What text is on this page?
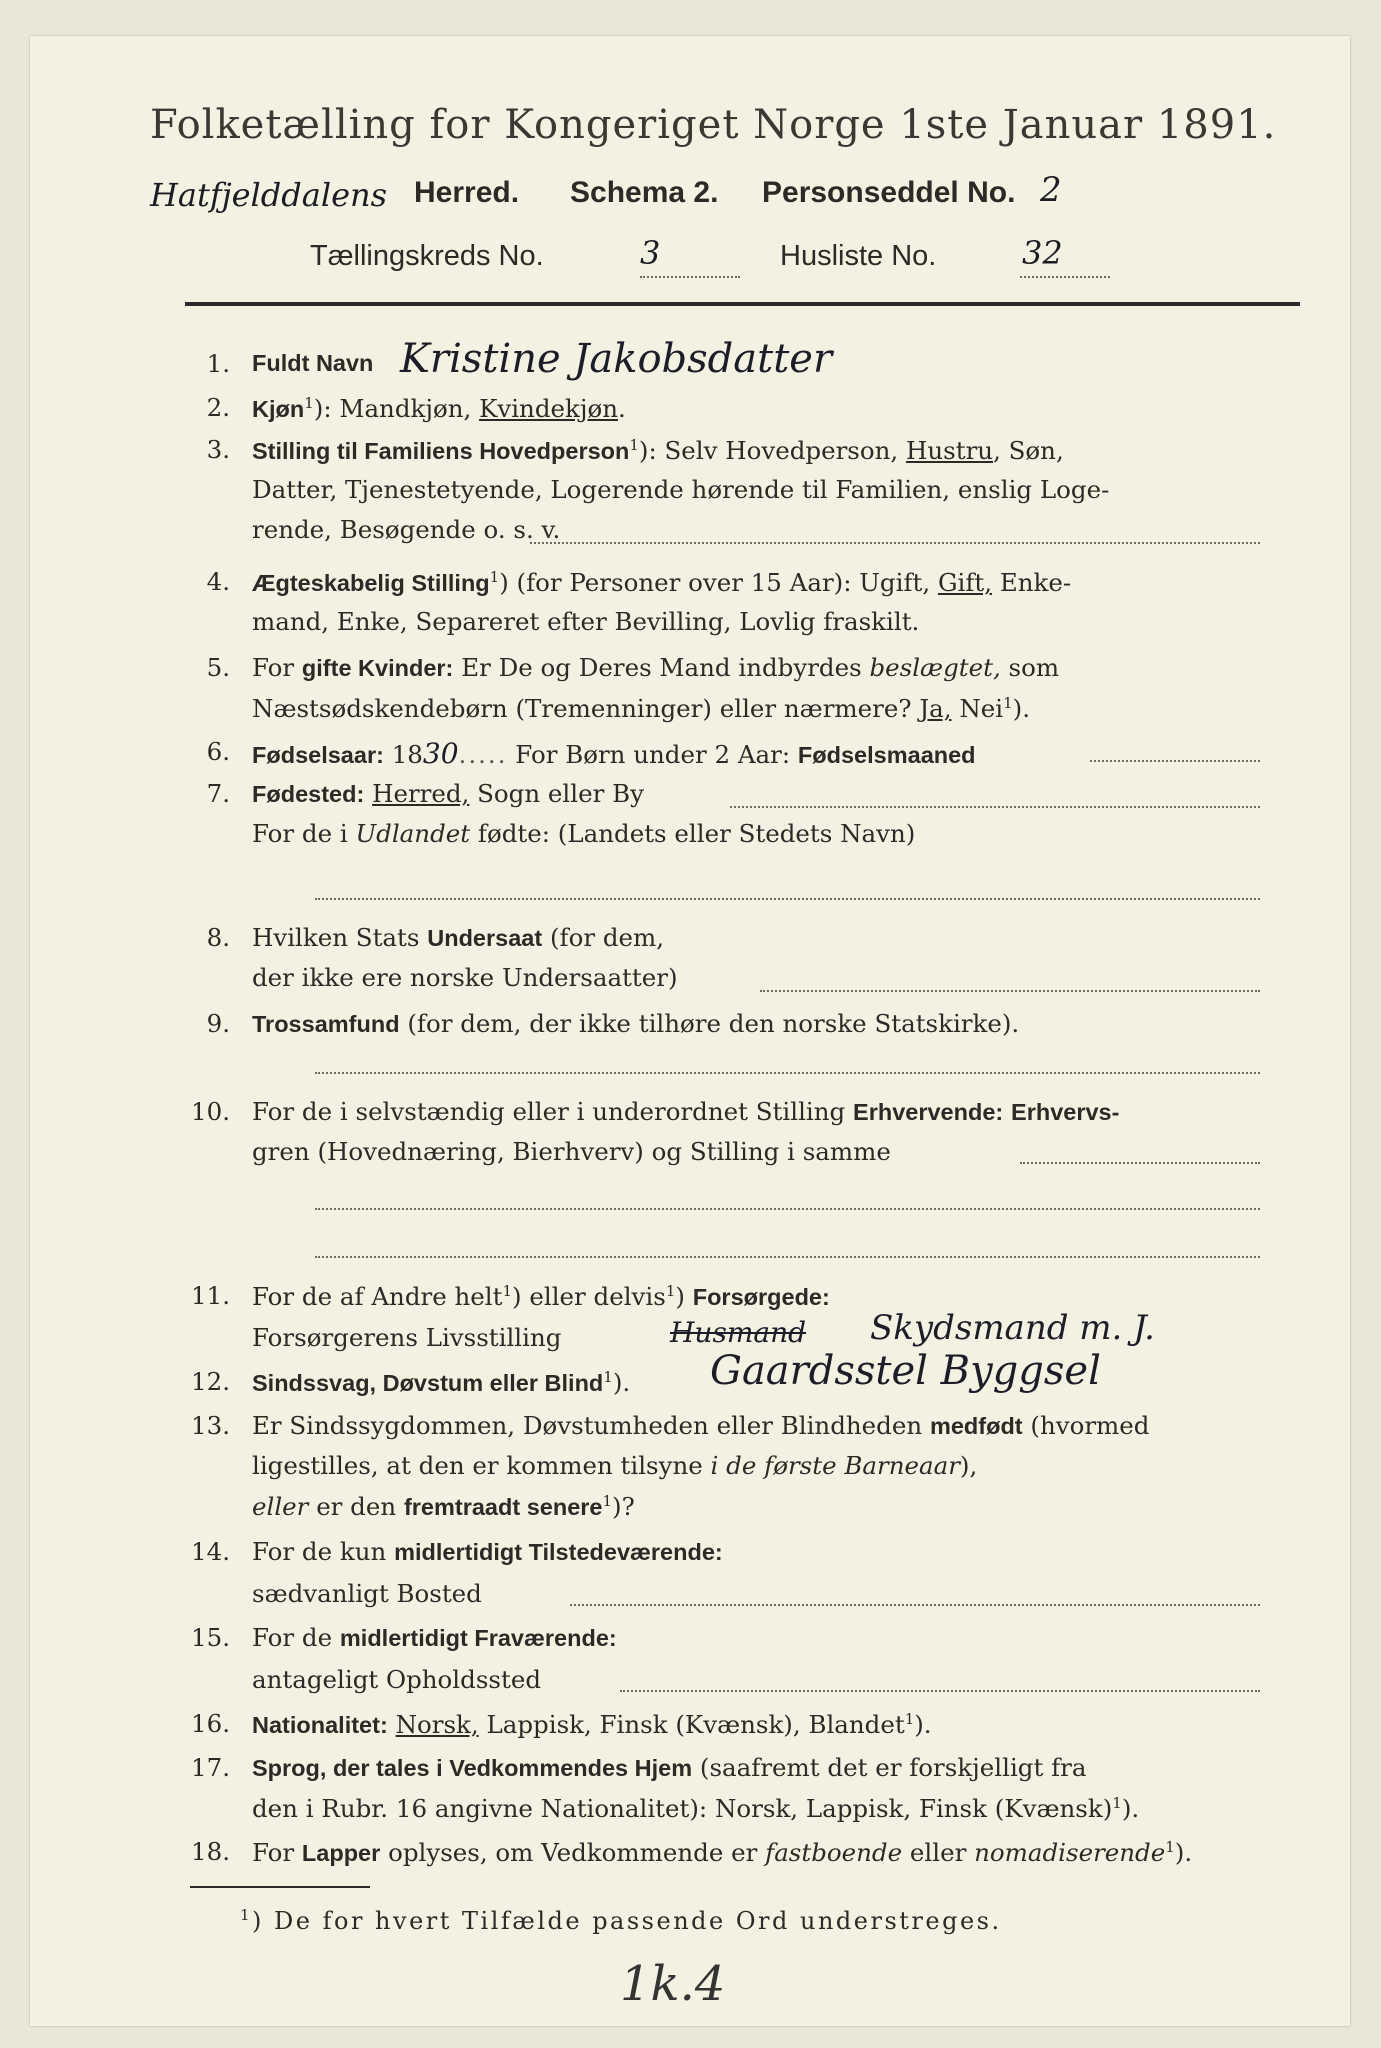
Folketælling for Kongeriget Norge 1ste Januar 1891.
Hatfjelddalens Herred. Schema 2. Personseddel No. 2
Tællingskreds No.	3	Husliste No.	32
1. Fuldt Navn Kristine Jakobsdatter
2. Kjøn$^1$): Mandkjøn, Kvindekjøn.
3. Stilling til Familiens Hovedperson$^1$): Selv Hovedperson, Hustru, Søn,
Datter, Tjenestetyende, Logerende hørende til Familien, enslig Loge-
rende, Besøgende o. s. v.
4. Ægteskabelig Stilling$^1$) (for Personer over 15 Aar): Ugift, Gift, Enke-
mand, Enke, Separeret efter Bevilling, Lovlig fraskilt.
5. For gifte Kvinder: Er De og Deres Mand indbyrdes beslægtet, som
Næstsødskendebørn (Tremenninger) eller nærmere? Ja, Nei$^1$).
6. Fødselsaar: 1830..... For Børn under 2 Aar: Fødselsmaaned
7. Fødested: Herred, Sogn eller By
For de i Udlandet fødte: (Landets eller Stedets Navn)
8. Hvilken Stats Undersaat (for dem,
der ikke ere norske Undersaatter)
9. Trossamfund (for dem, der ikke tilhøre den norske Statskirke).
10. For de i selvstændig eller i underordnet Stilling Erhvervende: Erhvervs-
gren (Hovednæring, Bierhverv) og Stilling i samme
11. For de af Andre helt$^1$) eller delvis$^1$) Forsørgede:
Forsørgerens Livsstilling	Husmand Skydsmand m. J.
12. Sindssvag, Døvstum eller Blind$^1$). Gaardsstel Byggsel
13. Er Sindssygdommen, Døvstumheden eller Blindheden medfødt (hvormed
ligestilles, at den er kommen tilsyne i de første Barneaar),
eller er den fremtraadt senere$^1$)?
14. For de kun midlertidigt Tilstedeværende:
sædvanligt Bosted
15. For de midlertidigt Fraværende:
antageligt Opholdssted
16. Nationalitet: Norsk, Lappisk, Finsk (Kvænsk), Blandet$^1$).
17. Sprog, der tales i Vedkommendes Hjem (saafremt det er forskjelligt fra
den i Rubr. 16 angivne Nationalitet): Norsk, Lappisk, Finsk (Kvænsk)$^1$).
18. For Lapper oplyses, om Vedkommende er fastboende eller nomadiserende$^1$).
$^1$) De for hvert Tilfælde passende Ord understreges.
1k.4
